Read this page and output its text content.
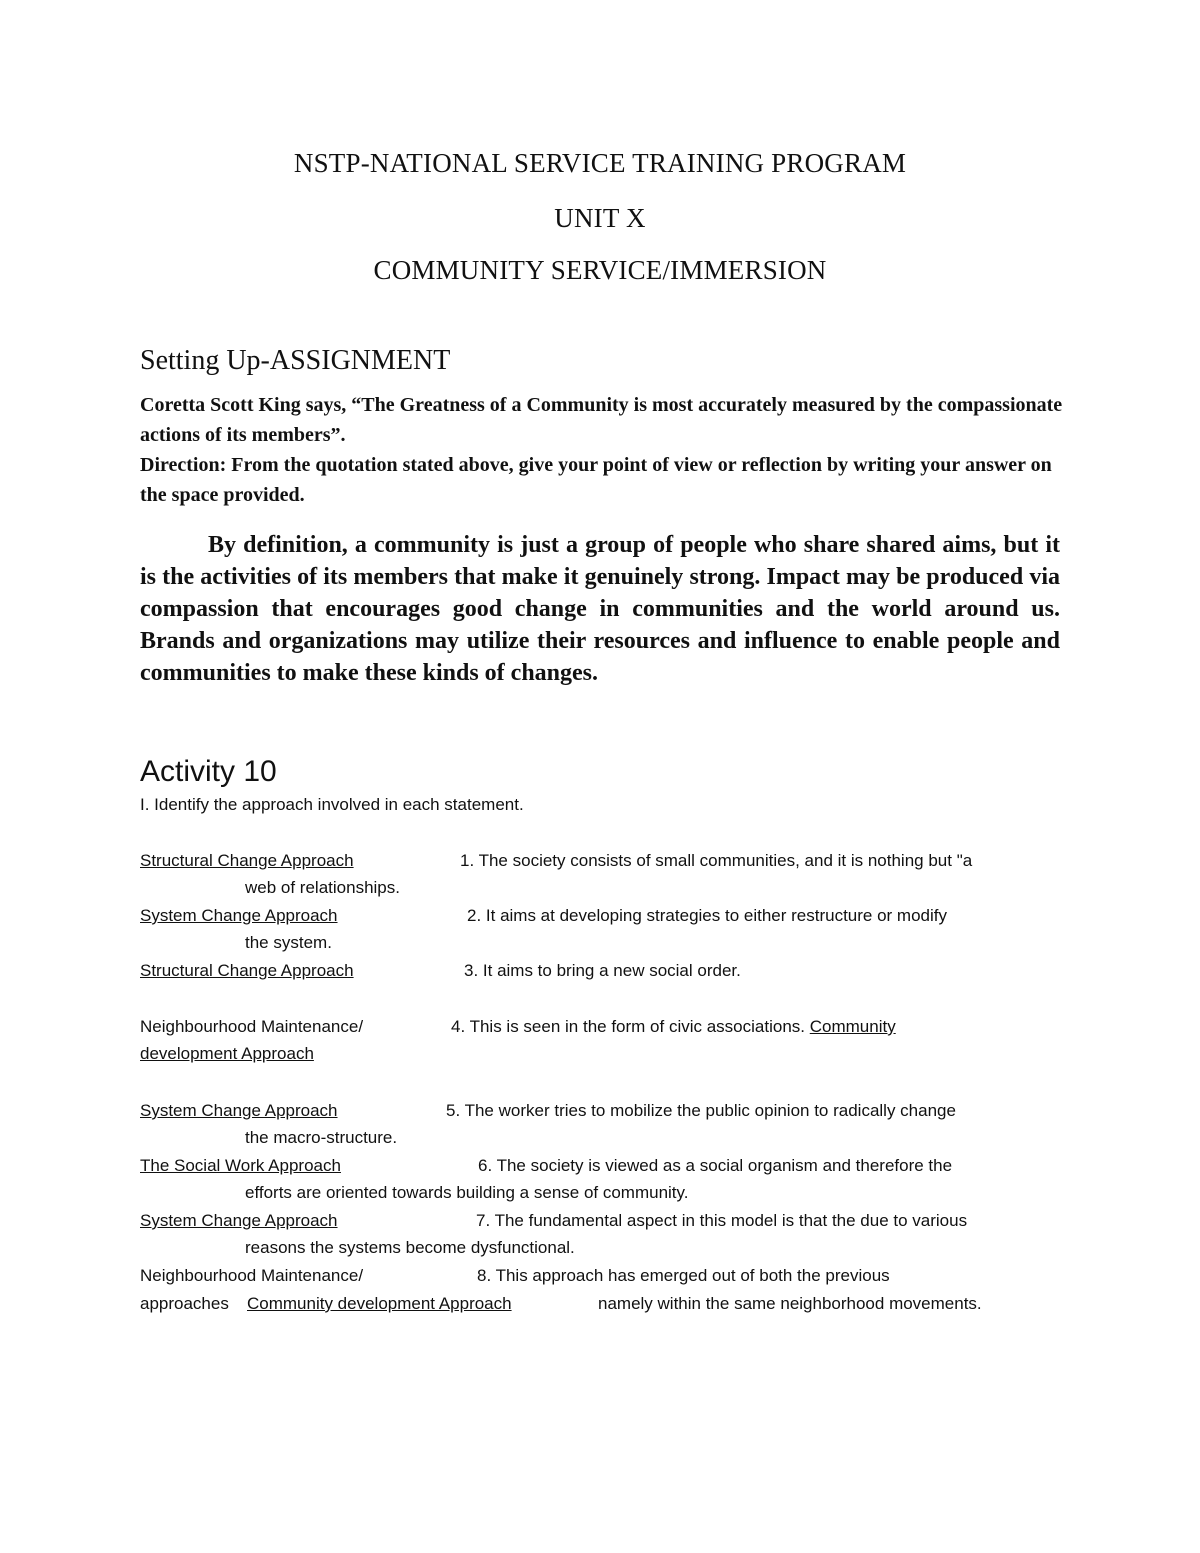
NSTP-NATIONAL SERVICE TRAINING PROGRAM
UNIT X
COMMUNITY SERVICE/IMMERSION
Setting Up-ASSIGNMENT
Coretta Scott King says, “The Greatness of a Community is most accurately measured by the compassionate actions of its members”.
Direction: From the quotation stated above, give your point of view or reflection by writing your answer on the space provided.
By definition, a community is just a group of people who share shared aims, but it is the activities of its members that make it genuinely strong. Impact may be produced via compassion that encourages good change in communities and the world around us. Brands and organizations may utilize their resources and influence to enable people and communities to make these kinds of changes.
Activity 10
I. Identify the approach involved in each statement.
Structural Change Approach	1. The society consists of small communities, and it is nothing but "a
web of relationships.
System Change Approach	2. It aims at developing strategies to either restructure or modify
the system.
Structural Change Approach	3. It aims to bring a new social order.
Neighbourhood Maintenance/	4. This is seen in the form of civic associations. Community
development Approach
System Change Approach	5. The worker tries to mobilize the public opinion to radically change
the macro-structure.
The Social Work Approach	6. The society is viewed as a social organism and therefore the
efforts are oriented towards building a sense of community.
System Change Approach	7. The fundamental aspect in this model is that the due to various
reasons the systems become dysfunctional.
Neighbourhood Maintenance/	8. This approach has emerged out of both the previous
approaches Community development Approach	namely within the same neighborhood movements.
